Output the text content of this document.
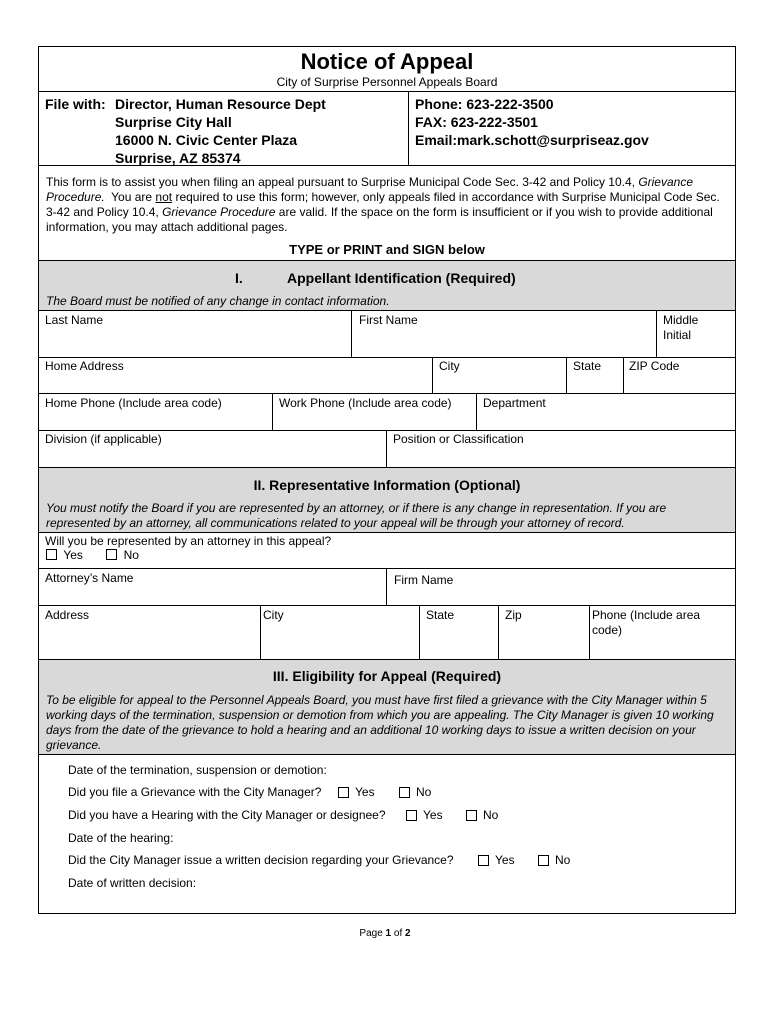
Notice of Appeal
City of Surprise Personnel Appeals Board
File with: Director, Human Resource Dept
Surprise City Hall
16000 N. Civic Center Plaza
Surprise, AZ 85374
Phone: 623-222-3500
FAX: 623-222-3501
Email:mark.schott@surpriseaz.gov
This form is to assist you when filing an appeal pursuant to Surprise Municipal Code Sec. 3-42 and Policy 10.4, Grievance Procedure.  You are not required to use this form; however, only appeals filed in accordance with Surprise Municipal Code Sec. 3-42 and Policy 10.4, Grievance Procedure are valid. If the space on the form is insufficient or if you wish to provide additional information, you may attach additional pages.
TYPE or PRINT and SIGN below
I.	Appellant Identification (Required)
The Board must be notified of any change in contact information.
Last Name	First Name	Middle
Initial
Home Address	City	State ZIP Code
Home Phone (Include area code)	Work Phone (Include area code)	Department
Division (if applicable)	Position or Classification
II. Representative Information (Optional)
You must notify the Board if you are represented by an attorney, or if there is any change in representation. If you are represented by an attorney, all communications related to your appeal will be through your attorney of record.
Will you be represented by an attorney in this appeal?
Yes	No
Attorney’s Name	Firm Name
Address	City	State	Zip	Phone (Include area
code)
III. Eligibility for Appeal (Required)
To be eligible for appeal to the Personnel Appeals Board, you must have first filed a grievance with the City Manager within 5 working days of the termination, suspension or demotion from which you are appealing. The City Manager is given 10 working days from the date of the grievance to hold a hearing and an additional 10 working days to issue a written decision on your grievance.
Date of the termination, suspension or demotion:
Did you file a Grievance with the City Manager?	Yes	No
Did you have a Hearing with the City Manager or designee?	Yes	No
Date of the hearing:
Did the City Manager issue a written decision regarding your Grievance?	Yes	No
Date of written decision:
Page 1 of 2
